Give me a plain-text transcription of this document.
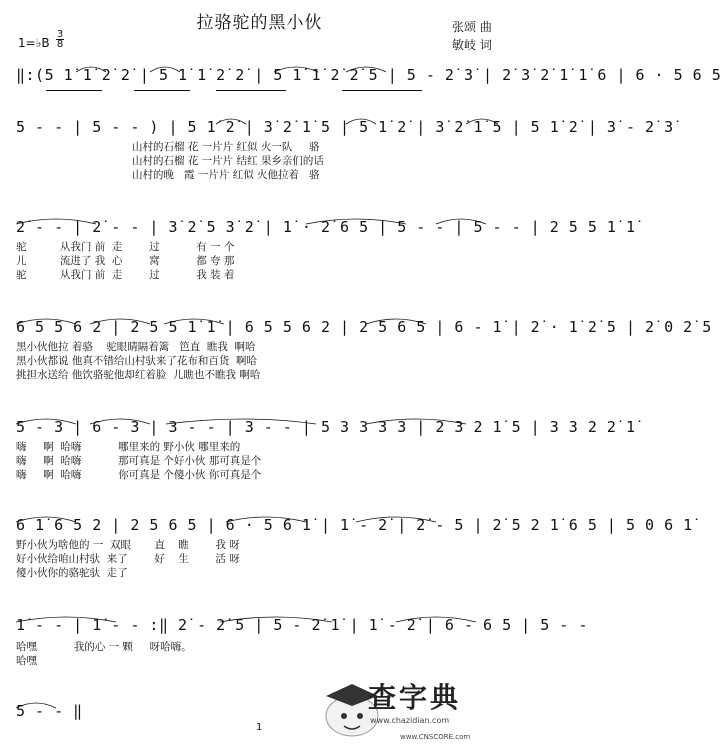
拉骆驼的黑小伙
1=♭B
3
8
张颂 曲
敏岐 词
‖:(5 1̇ 1̇ 2̇ 2̇ | 5 1̇ 1̇ 2̇ 2̇ | 5 1̇ 1̇ 2̇ 2̇ 5 | 5 - 2̇ 3̇ | 2̇ 3̇ 2̇ 1̇ 1̇ 6 | 6 · 5 6 5
5 - - | 5 - - ) | 5 1̇ 2̇ | 3̇ 2̇ 1̇ 5 | 5 1̇ 2̇ | 3̇ 2̇ 1̇ 5 | 5 1̇ 2̇ | 3̇ - 2̇ 3̇
山村的石榴 花 一片片 红似 火一队     骆
山村的石榴 花 一片片 结红 果乡亲们的话
山村的晚   霞 一片片 红似 火他拉着   骆
2̇ - - | 2̇ - - | 3̇ 2̇ 5 3̇ 2̇ | 1̇ · 2̇ 6 5 | 5 - - | 5 - - | 2 5 5 1̇ 1̇
驼          从我门 前  走        过           有 一 个
儿          流进了 我  心        窝           都 夸 那
驼          从我门 前  走        过           我 装 着
6 5 5 6 2 | 2 5 5 1̇ 1̇ | 6 5 5 6 2 | 2 5 6 5 | 6 - 1̇ | 2̇ · 1̇ 2̇ 5 | 2̇ 0 2̇ 5
黑小伙他拉 着骆    驼眼睛隔着篱   笆直  瞧我  啊哈
黑小伙都说 他真不错给山村驮来了花布和百货  啊哈
挑担水送给 他饮骆驼他却红着脸  儿瞧也不瞧我 啊哈
5 - 3 | 6 - 3 | 3 - - | 3 - - | 5 3 3 3 3 | 2 3 2 1̇ 5 | 3 3 2 2̇ 1̇
嗨     啊  哈嗨           哪里来的 野小伙 哪里来的
嗨     啊  哈嗨           那可真是 个好小伙 那可真是个
嗨     啊  哈嗨           你可真是 个傻小伙 你可真是个
6 1̇ 6 5 2 | 2 5 6 5 | 6 · 5 6 1̇ | 1̇ - 2̇ | 2̇ - 5 | 2̇ 5 2 1̇ 6 5 | 5 0 6 1̇
野小伙为啥他的 一  双眼       直    瞧        我 呀
好小伙给咱山村驮  来了        好    生        活 呀
傻小伙你的骆驼驮  走了
1̇ - - | 1̇ - - :‖ 2̇ - 2̇ 5 | 5 - 2̇ 1̇ | 1̇ - 2̇ | 6 - 6 5 | 5 - -
哈嘿           我的心 一 颗     呀哈嗨。
哈嘿
5 - - ‖
1
查字典
www.chazidian.com
www.CNSCORE.com
